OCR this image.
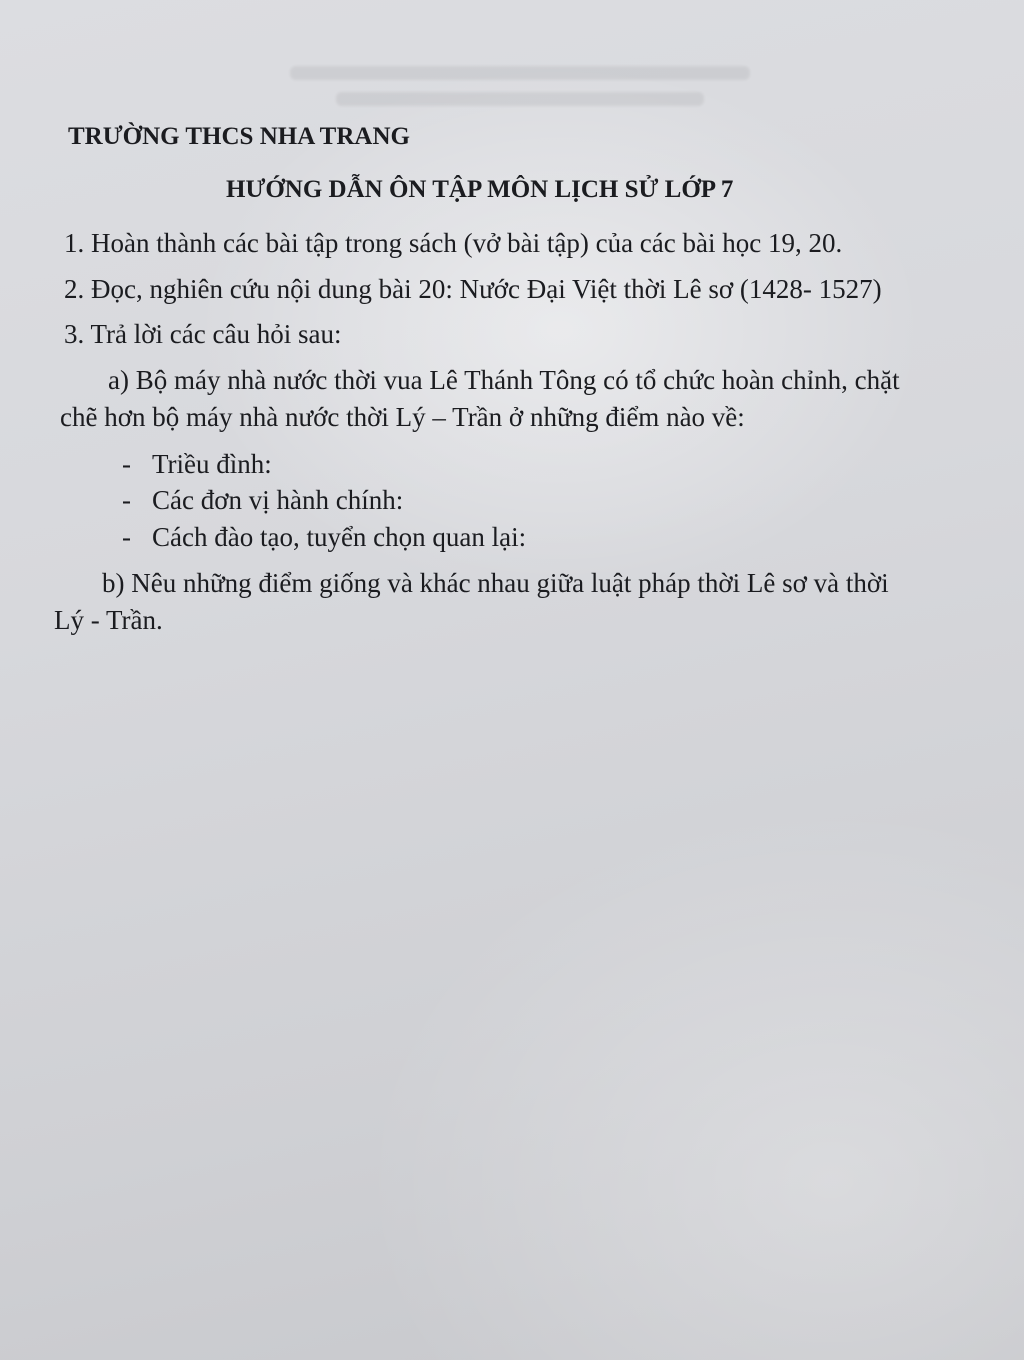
TRƯỜNG THCS NHA TRANG

HƯỚNG DẪN ÔN TẬP MÔN LỊCH SỬ LỚP 7

1. Hoàn thành các bài tập trong sách (vở bài tập) của các bài học 19, 20.

2. Đọc, nghiên cứu nội dung bài 20: Nước Đại Việt thời Lê sơ (1428- 1527)

3. Trả lời các câu hỏi sau:

a) Bộ máy nhà nước thời vua Lê Thánh Tông có tổ chức hoàn chỉnh, chặt

chẽ hơn bộ máy nhà nước thời Lý – Trần ở những điểm nào về:

- Triều đình:

- Các đơn vị hành chính:

- Cách đào tạo, tuyển chọn quan lại:

b) Nêu những điểm giống và khác nhau giữa luật pháp thời Lê sơ và thời

Lý - Trần.
